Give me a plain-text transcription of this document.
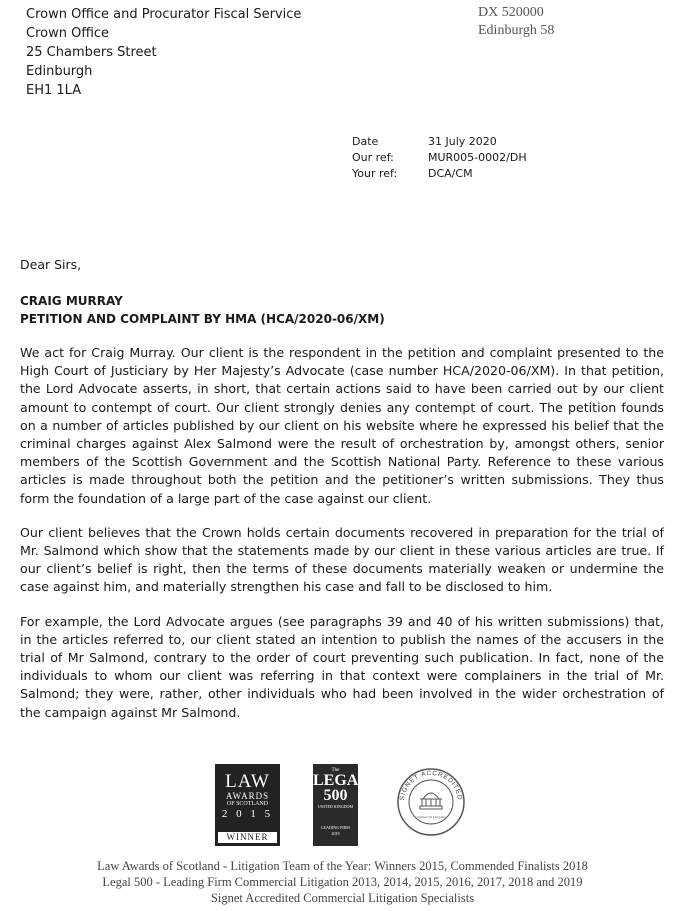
Crown Office and Procurator Fiscal Service
Crown Office
25 Chambers Street
Edinburgh
EH1 1LA
DX 520000
Edinburgh 58
Date	31 July 2020
Our ref:	MUR005-0002/DH
Your ref:	DCA/CM
Dear Sirs,
CRAIG MURRAY
PETITION AND COMPLAINT BY HMA (HCA/2020-06/XM)

We act for Craig Murray. Our client is the respondent in the petition and complaint presented to the High Court of Justiciary by Her Majesty’s Advocate (case number HCA/2020-06/XM). In that petition, the Lord Advocate asserts, in short, that certain actions said to have been carried out by our client amount to contempt of court. Our client strongly denies any contempt of court. The petition founds on a number of articles published by our client on his website where he expressed his belief that the criminal charges against Alex Salmond were the result of orchestration by, amongst others, senior members of the Scottish Government and the Scottish National Party. Reference to these various articles is made throughout both the petition and the petitioner’s written submissions. They thus form the foundation of a large part of the case against our client.

Our client believes that the Crown holds certain documents recovered in preparation for the trial of Mr. Salmond which show that the statements made by our client in these various articles are true. If our client’s belief is right, then the terms of these documents materially weaken or undermine the case against him, and materially strengthen his case and fall to be disclosed to him.

For example, the Lord Advocate argues (see paragraphs 39 and 40 of his written submissions) that, in the articles referred to, our client stated an intention to publish the names of the accusers in the trial of Mr Salmond, contrary to the order of court preventing such publication. In fact, none of the individuals to whom our client was referring in that context were complainers in the trial of Mr. Salmond; they were, rather, other individuals who had been involved in the wider orchestration of the campaign against Mr Salmond.

LAW
AWARDS
OF SCOTLAND
2 0 1 5
WINNER
The
LEGAL
500
UNITED KINGDOM
LEADING FIRM
2019
SIGNET ACCREDITED
Commercial Litigation
Law Awards of Scotland - Litigation Team of the Year: Winners 2015, Commended Finalists 2018
Legal 500 - Leading Firm Commercial Litigation 2013, 2014, 2015, 2016, 2017, 2018 and 2019
Signet Accredited Commercial Litigation Specialists
